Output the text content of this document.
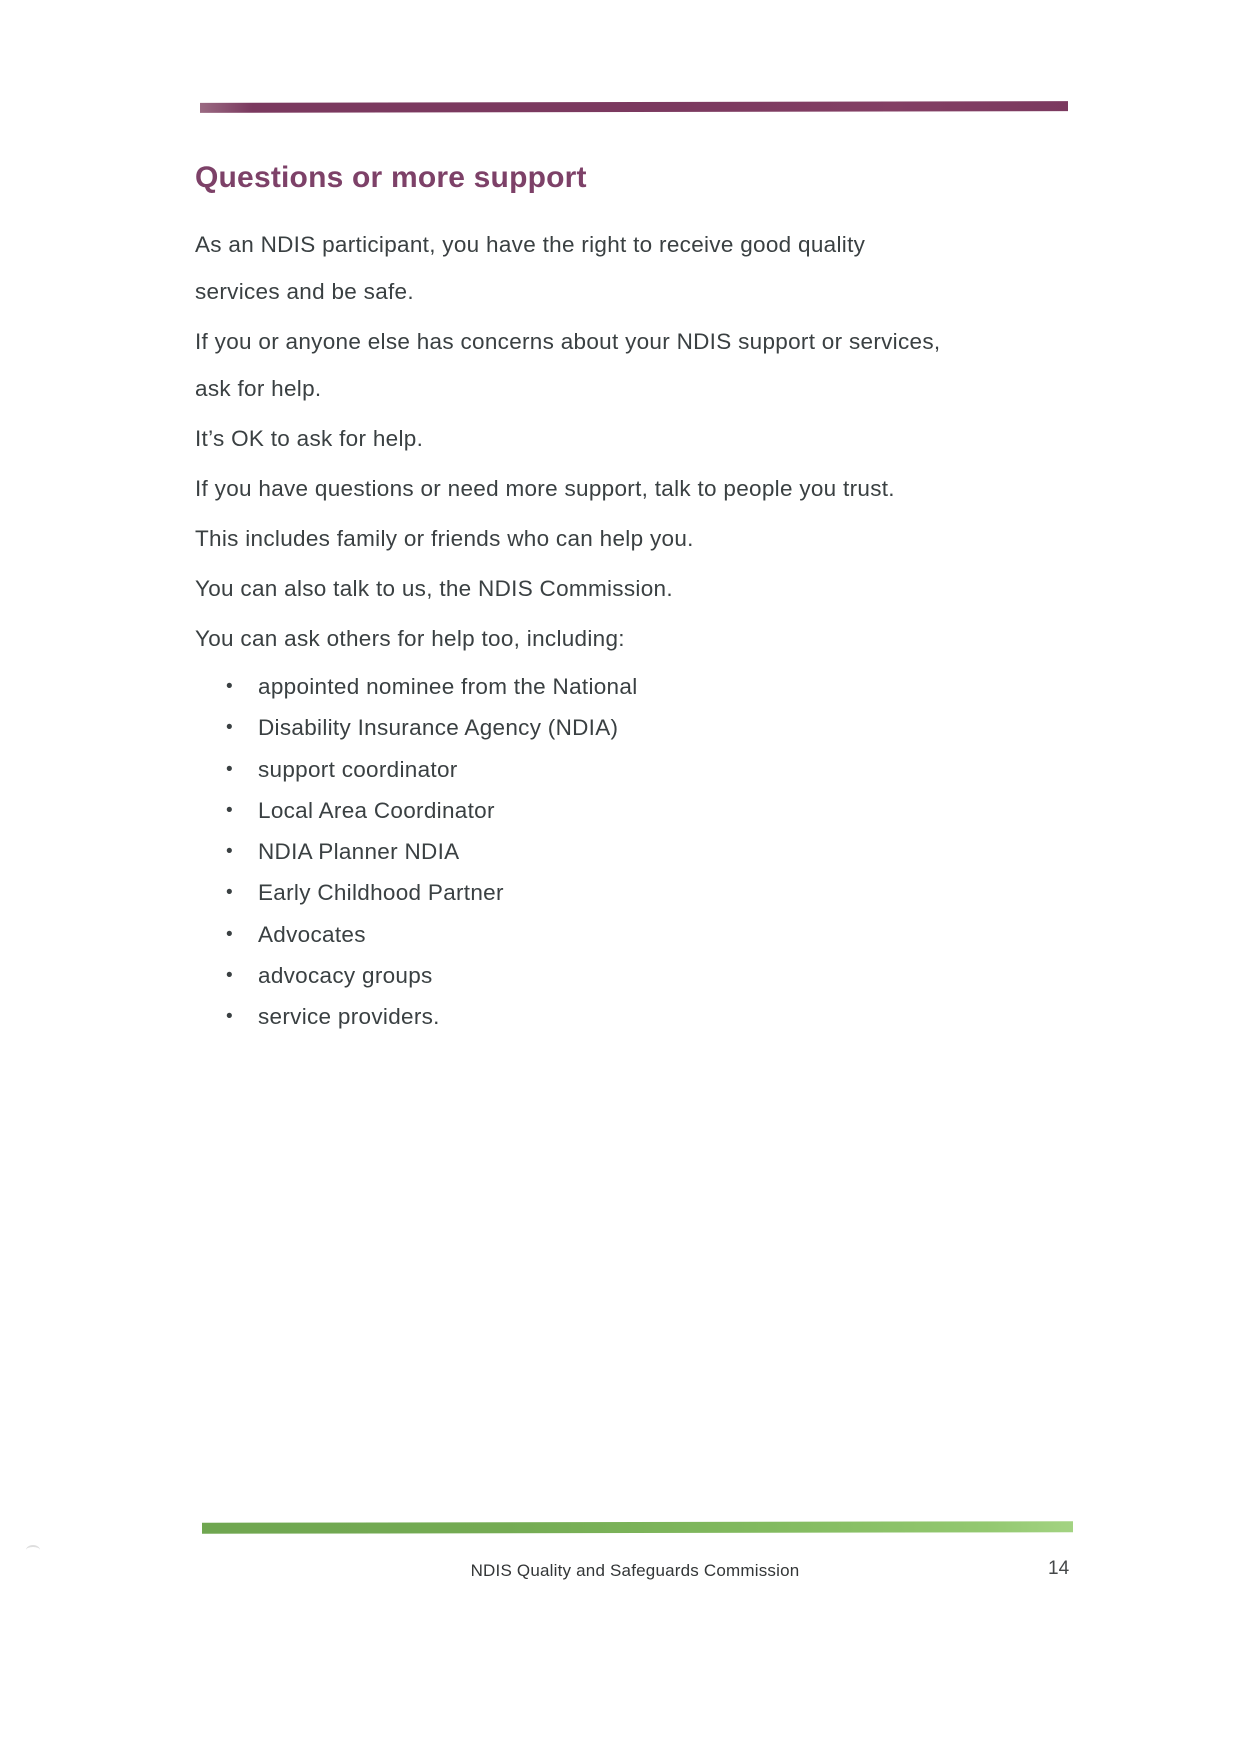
Questions or more support

As an NDIS participant, you have the right to receive good quality
services and be safe.

If you or anyone else has concerns about your NDIS support or services,
ask for help.

It’s OK to ask for help.

If you have questions or need more support, talk to people you trust.

This includes family or friends who can help you.

You can also talk to us, the NDIS Commission.

You can ask others for help too, including:

• appointed nominee from the National
• Disability Insurance Agency (NDIA)
• support coordinator
• Local Area Coordinator
• NDIA Planner NDIA
• Early Childhood Partner
• Advocates
• advocacy groups
• service providers.
NDIS Quality and Safeguards Commission	14
